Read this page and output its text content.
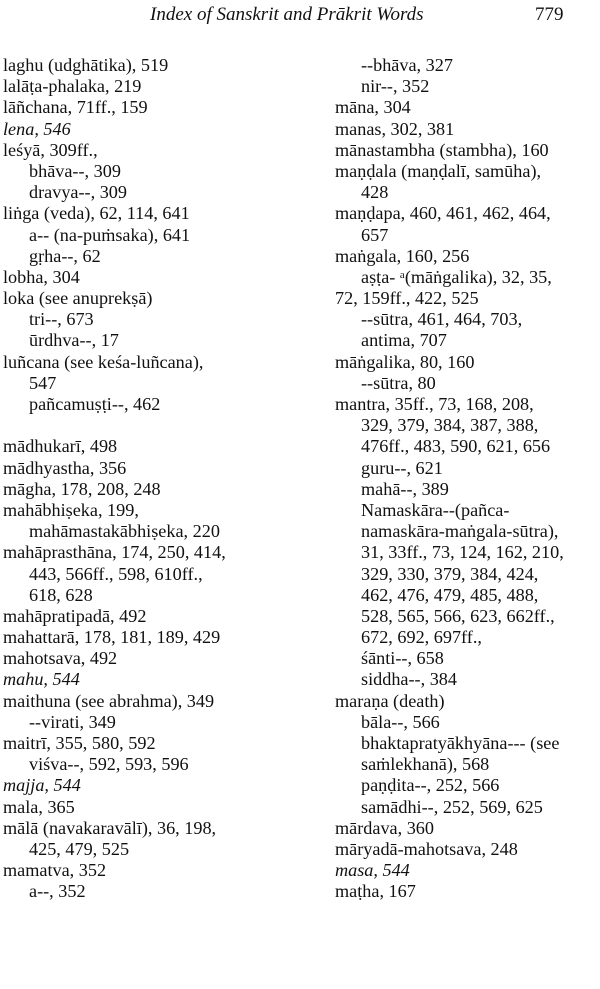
Index of Sanskrit and Prākrit Words	779
laghu (udghātika), 519
lalāṭa-phalaka, 219
lāñchana, 71ff., 159
lena, 546
leśyā, 309ff.,
bhāva--, 309
dravya--, 309
liṅga (veda), 62, 114, 641
a-- (na-puṁsaka), 641
gṛha--, 62
lobha, 304
loka (see anuprekṣā)
tri--, 673
ūrdhva--, 17
luñcana (see keśa-luñcana),
547
pañcamuṣṭi--, 462
mādhukarī, 498
mādhyastha, 356
māgha, 178, 208, 248
mahābhiṣeka, 199,
mahāmastakābhiṣeka, 220
mahāprasthāna, 174, 250, 414,
443, 566ff., 598, 610ff.,
618, 628
mahāpratipadā, 492
mahattarā, 178, 181, 189, 429
mahotsava, 492
mahu, 544
maithuna (see abrahma), 349
--virati, 349
maitrī, 355, 580, 592
viśva--, 592, 593, 596
majja, 544
mala, 365
mālā (navakaravālī), 36, 198,
425, 479, 525
mamatva, 352
a--, 352
--bhāva, 327
nir--, 352
māna, 304
manas, 302, 381
mānastambha (stambha), 160
maṇḍala (maṇḍalī, samūha),
428
maṇḍapa, 460, 461, 462, 464,
657
maṅgala, 160, 256
aṣṭa- ᵃ(māṅgalika), 32, 35,
72, 159ff., 422, 525
--sūtra, 461, 464, 703,
antima, 707
māṅgalika, 80, 160
--sūtra, 80
mantra, 35ff., 73, 168, 208,
329, 379, 384, 387, 388,
476ff., 483, 590, 621, 656
guru--, 621
mahā--, 389
Namaskāra--(pañca-
namaskāra-maṅgala-sūtra),
31, 33ff., 73, 124, 162, 210,
329, 330, 379, 384, 424,
462, 476, 479, 485, 488,
528, 565, 566, 623, 662ff.,
672, 692, 697ff.,
śānti--, 658
siddha--, 384
maraṇa (death)
bāla--, 566
bhaktapratyākhyāna--- (see
saṁlekhanā), 568
paṇḍita--, 252, 566
samādhi--, 252, 569, 625
mārdava, 360
māryadā-mahotsava, 248
masa, 544
maṭha, 167
